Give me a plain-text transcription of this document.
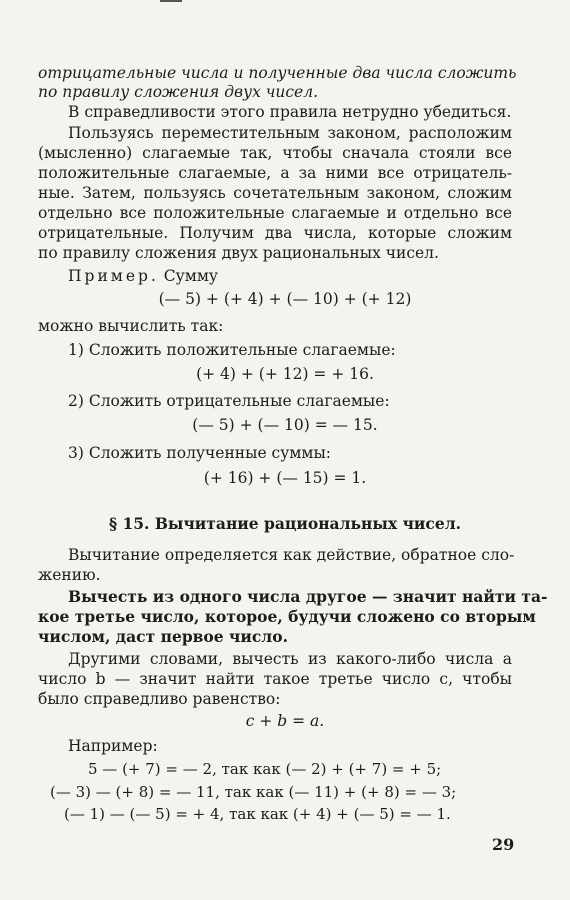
отрицательные числа и полученные два числа сложить
по правилу сложения двух чисел.
В справедливости этого правила нетрудно убедиться.
Пользуясь переместительным законом, расположим
(мысленно) слагаемые так, чтобы сначала стояли все
положительные слагаемые, а за ними все отрицатель-
ные. Затем, пользуясь сочетательным законом, сложим
отдельно все положительные слагаемые и отдельно все
отрицательные. Получим два числа, которые сложим
по правилу сложения двух рациональных чисел.
Пример. Сумму
(— 5) + (+ 4) + (— 10) + (+ 12)
можно вычислить так:
1) Сложить положительные слагаемые:
(+ 4) + (+ 12) = + 16.
2) Сложить отрицательные слагаемые:
(— 5) + (— 10) = — 15.
3) Сложить полученные суммы:
(+ 16) + (— 15) = 1.
§ 15. Вычитание рациональных чисел.
Вычитание определяется как действие, обратное сло-
жению.
Вычесть из одного числа другое — значит найти та-
кое третье число, которое, будучи сложено со вторым
числом, даст первое число.
Другими словами, вычесть из какого-либо числа a
число b — значит найти такое третье число c, чтобы
было справедливо равенство:
c + b = a.
Например:
5 — (+ 7) = — 2, так как (— 2) + (+ 7) = + 5;
(— 3) — (+ 8) = — 11, так как (— 11) + (+ 8) = — 3;
(— 1) — (— 5) = + 4, так как (+ 4) + (— 5) = — 1.
29
